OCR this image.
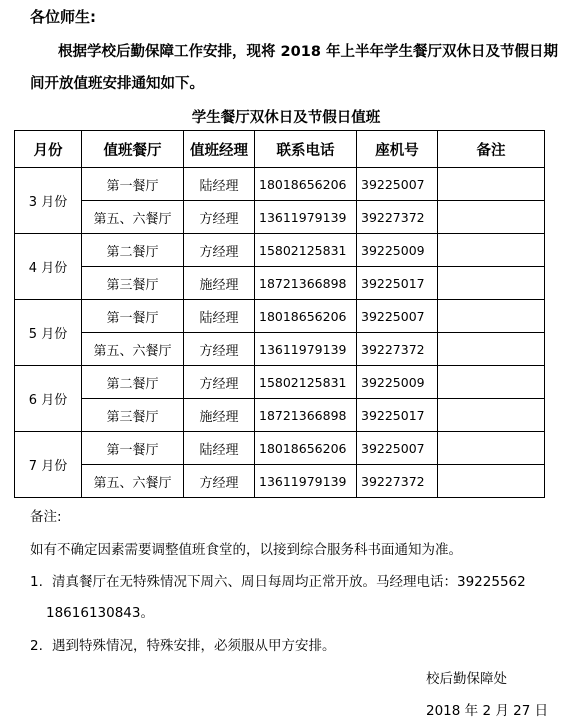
各位师生:
根据学校后勤保障工作安排，现将 2018 年上半年学生餐厅双休日及节假日期
间开放值班安排通知如下。
学生餐厅双休日及节假日值班
月份	值班餐厅	值班经理	联系电话	座机号	备注
3 月份	第一餐厅	陆经理	18018656206	39225007	
	第五、六餐厅	方经理	13611979139	39227372	
4 月份	第二餐厅	方经理	15802125831	39225009	
	第三餐厅	施经理	18721366898	39225017	
5 月份	第一餐厅	陆经理	18018656206	39225007	
	第五、六餐厅	方经理	13611979139	39227372	
6 月份	第二餐厅	方经理	15802125831	39225009	
	第三餐厅	施经理	18721366898	39225017	
7 月份	第一餐厅	陆经理	18018656206	39225007	
	第五、六餐厅	方经理	13611979139	39227372	
备注:
如有不确定因素需要调整值班食堂的，以接到综合服务科书面通知为准。
1. 清真餐厅在无特殊情况下周六、周日每周均正常开放。马经理电话：39225562
18616130843。
2. 遇到特殊情况，特殊安排，必须服从甲方安排。
校后勤保障处
2018 年 2 月 27 日
